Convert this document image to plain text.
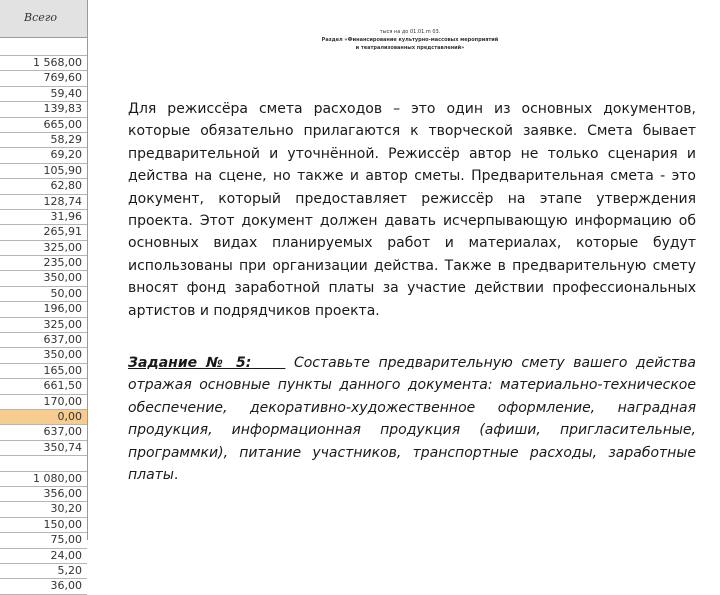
Всего
1 568,00
769,60
59,40
139,83
665,00
58,29
69,20
105,90
62,80
128,74
31,96
265,91
325,00
235,00
350,00
50,00
196,00
325,00
637,00
350,00
165,00
661,50
170,00
0,00
637,00
350,74
1 080,00
356,00
30,20
150,00
75,00
24,00
5,20
36,00
тыся на до 01.01.m 03.
Раздел «Финансирование культурно-массовых мероприятий
и театрализованных представлений»

Для режиссёра смета расходов – это один из основных документов, которые обязательно прилагаются к творческой заявке. Смета бывает предварительной и уточнённой. Режиссёр автор не только сценария и действа на сцене, но также и автор сметы. Предварительная смета - это документ, который предоставляет режиссёр на этапе утверждения проекта. Этот документ должен давать исчерпывающую информацию об основных видах планируемых работ и материалах, которые будут использованы при организации действа. Также в предварительную смету вносят фонд заработной платы за участие действии профессиональных артистов и подрядчиков проекта.

Задание № 5:	Составьте предварительную смету вашего действа отражая основные пункты данного документа: материально-техническое обеспечение, декоративно-художественное оформление, наградная продукция, информационная продукция (афиши, пригласительные, программки), питание участников, транспортные расходы, заработные платы.
